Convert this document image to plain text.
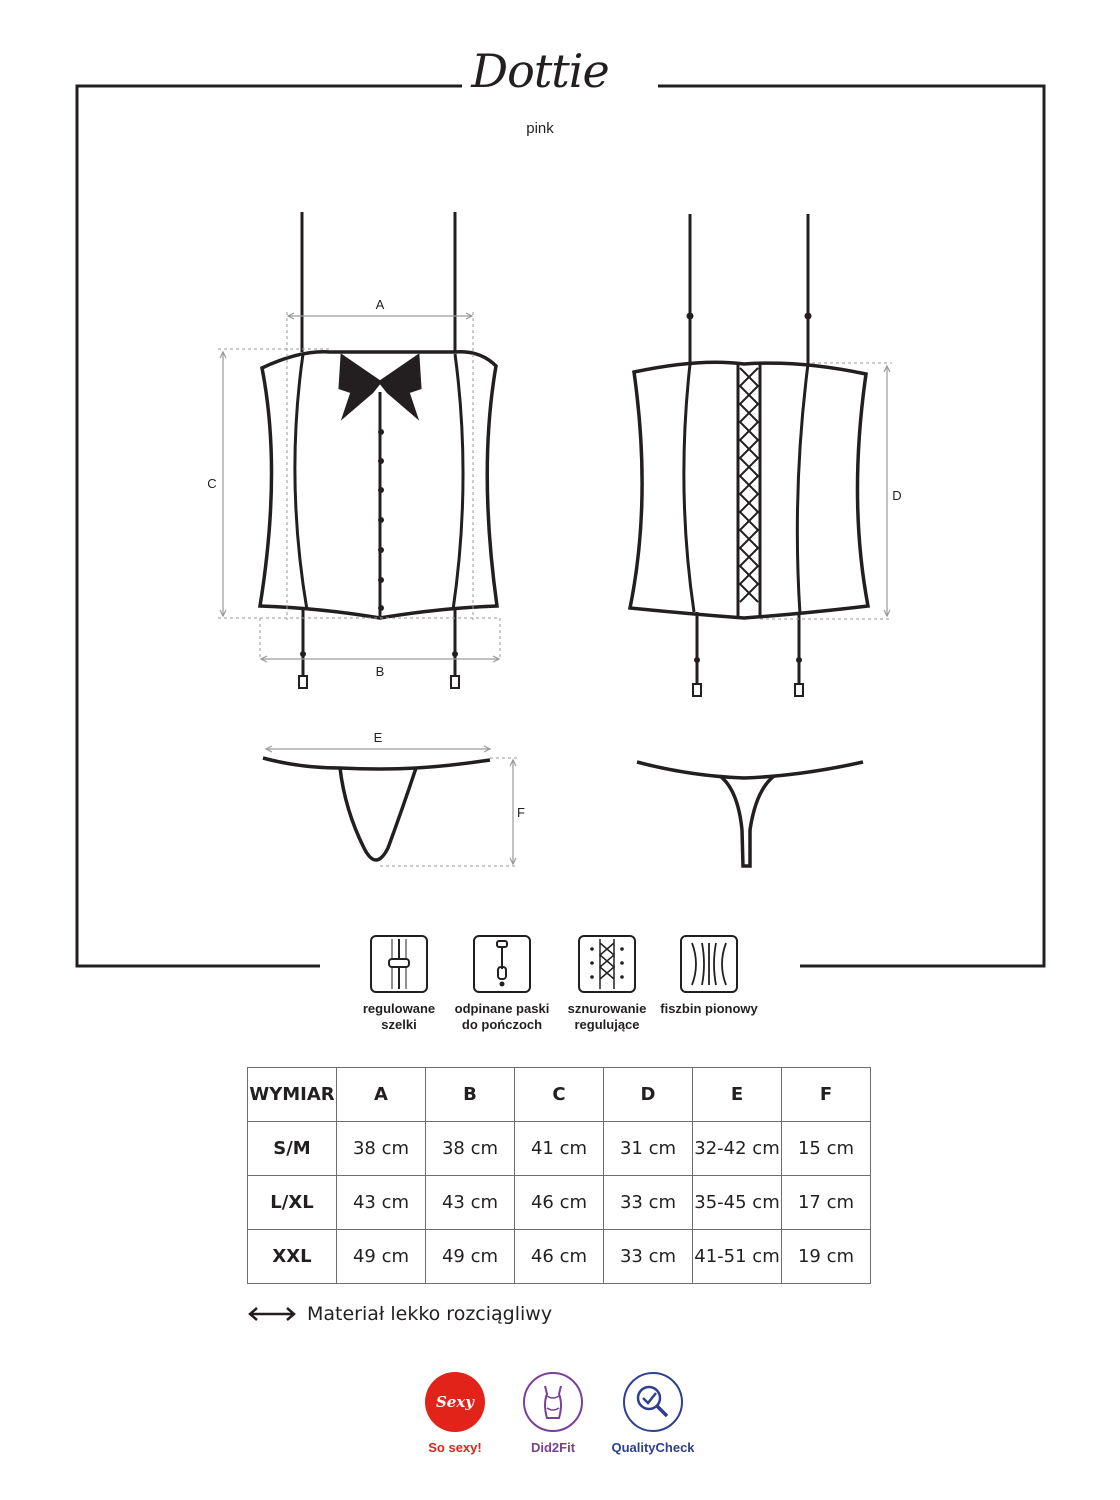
A
C
B
D
E
F
Dottie
pink
regulowane
szelki
odpinane paski
do pończoch
sznurowanie
regulujące
fiszbin pionowy
WYMIAR	A	B	C	D	E	F
S/M	38 cm	38 cm	41 cm	31 cm	32-42 cm	15 cm
L/XL	43 cm	43 cm	46 cm	33 cm	35-45 cm	17 cm
XXL	49 cm	49 cm	46 cm	33 cm	41-51 cm	19 cm
Materiał lekko rozciągliwy
Sexy
So sexy!	Did2Fit	QualityCheck
